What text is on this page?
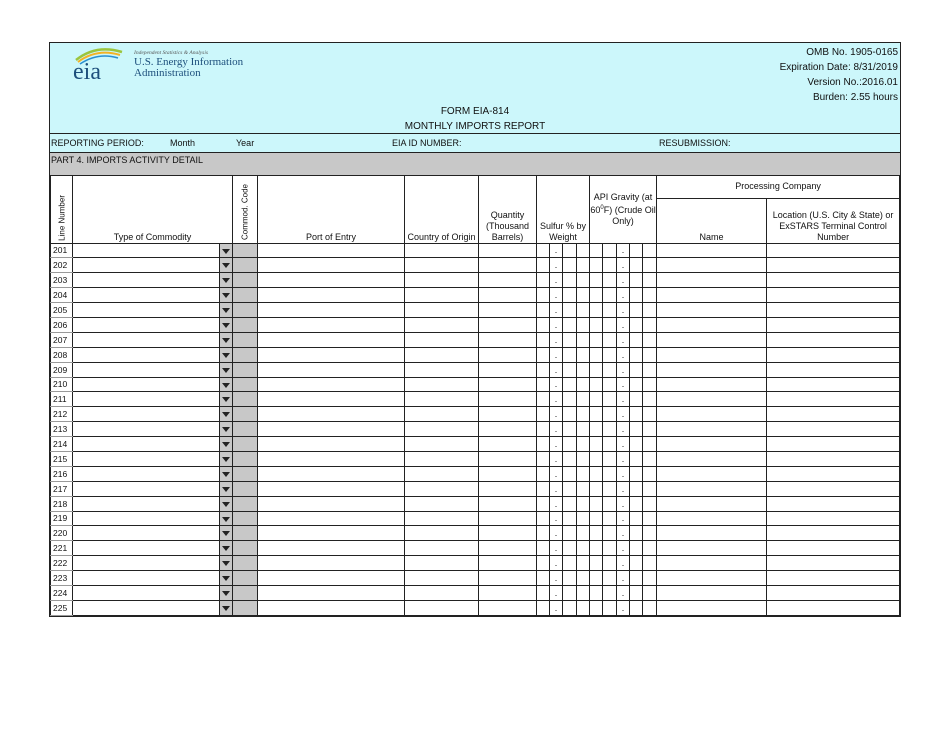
eia
Independent Statistics & Analysis
U.S. Energy Information
Administration
OMB No. 1905-0165
Expiration Date: 8/31/2019
Version No.:2016.01
Burden: 2.55 hours
FORM EIA-814
MONTHLY IMPORTS REPORT
REPORTING PERIOD:	Month	Year	EIA ID NUMBER:	RESUBMISSION:
PART 4. IMPORTS ACTIVITY DETAIL
Line Number	Type of Commodity		Commod. Code	Port of Entry	Country of Origin	Quantity (Thousand Barrels)	Sulfur % by Weight				API Gravity (at $60^0F$) (Crude Oil Only)					Processing Company	
																Name	Location (U.S. City & State) or ExSTARS Terminal Control Number
201								.					.				
202								.					.				
203								.					.				
204								.					.				
205								.					.				
206								.					.				
207								.					.				
208								.					.				
209								.					.				
210								.					.				
211								.					.				
212								.					.				
213								.					.				
214								.					.				
215								.					.				
216								.					.				
217								.					.				
218								.					.				
219								.					.				
220								.					.				
221								.					.				
222								.					.				
223								.					.				
224								.					.				
225								.					.				
